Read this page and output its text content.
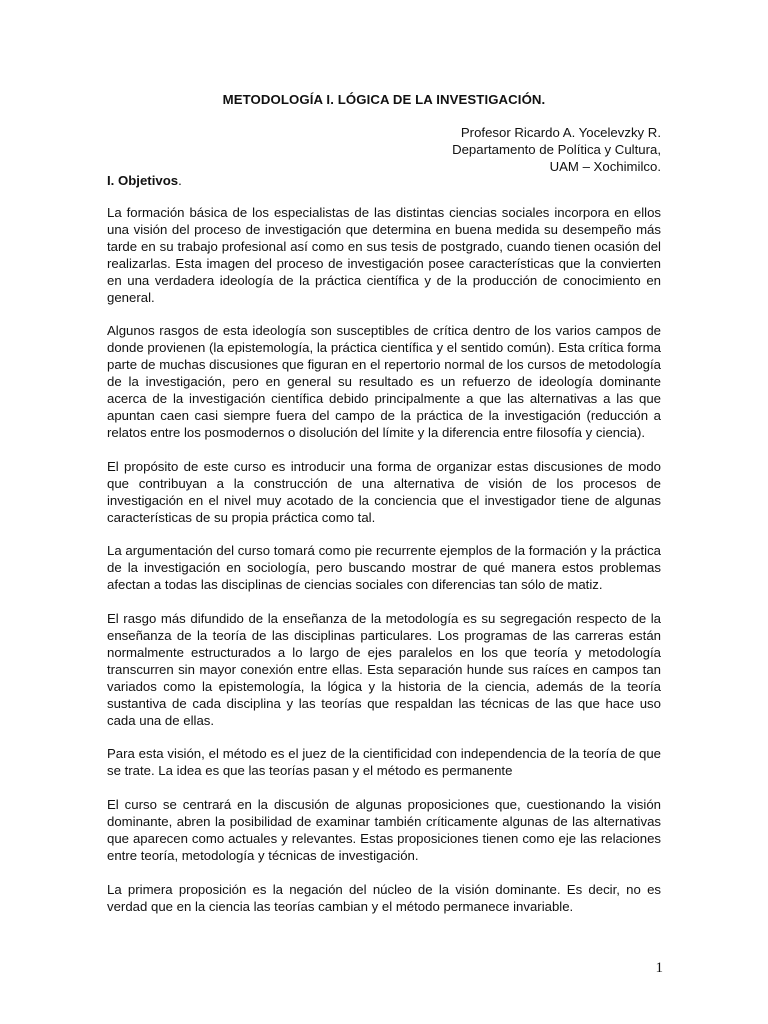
METODOLOGÍA I. LÓGICA DE LA INVESTIGACIÓN.
Profesor Ricardo A. Yocelevzky R.
Departamento de Política y Cultura,
UAM – Xochimilco.
I. Objetivos.

La formación básica de los especialistas de las distintas ciencias sociales incorpora en ellos una visión del proceso de investigación que determina en buena medida su desempeño más tarde en su trabajo profesional así como en sus tesis de postgrado, cuando tienen ocasión del realizarlas. Esta imagen del proceso de investigación posee características que la convierten en una verdadera ideología de la práctica científica y de la producción de conocimiento en general.

Algunos rasgos de esta ideología son susceptibles de crítica dentro de los varios campos de donde provienen (la epistemología, la práctica científica y el sentido común). Esta crítica forma parte de muchas discusiones que figuran en el repertorio normal de los cursos de metodología de la investigación, pero en general su resultado es un refuerzo de ideología dominante acerca de la investigación científica debido principalmente a que las alternativas a las que apuntan caen casi siempre fuera del campo de la práctica de la investigación (reducción a relatos entre los posmodernos o disolución del límite y la diferencia entre filosofía y ciencia).

El propósito de este curso es introducir una forma de organizar estas discusiones de modo que contribuyan a la construcción de una alternativa de visión de los procesos de investigación en el nivel muy acotado de la conciencia que el investigador tiene de algunas características de su propia práctica como tal.

La argumentación del curso tomará como pie recurrente ejemplos de la formación y la práctica de la investigación en sociología, pero buscando mostrar de qué manera estos problemas afectan a todas las disciplinas de ciencias sociales con diferencias tan sólo de matiz.

El rasgo más difundido de la enseñanza de la metodología es su segregación respecto de la enseñanza de la teoría de las disciplinas particulares. Los programas de las carreras están normalmente estructurados a lo largo de ejes paralelos en los que teoría y metodología transcurren sin mayor conexión entre ellas. Esta separación hunde sus raíces en campos tan variados como la epistemología, la lógica y la historia de la ciencia, además de la teoría sustantiva de cada disciplina y las teorías que respaldan las técnicas de las que hace uso cada una de ellas.

Para esta visión, el método es el juez de la cientificidad con independencia de la teoría de que se trate. La idea es que las teorías pasan y el método es permanente

El curso se centrará en la discusión de algunas proposiciones que, cuestionando la visión dominante, abren la posibilidad de examinar también críticamente algunas de las alternativas que aparecen como actuales y relevantes. Estas proposiciones tienen como eje las relaciones entre teoría, metodología y técnicas de investigación.

La primera proposición es la negación del núcleo de la visión dominante. Es decir, no es verdad que en la ciencia las teorías cambian y el método permanece invariable.

1
